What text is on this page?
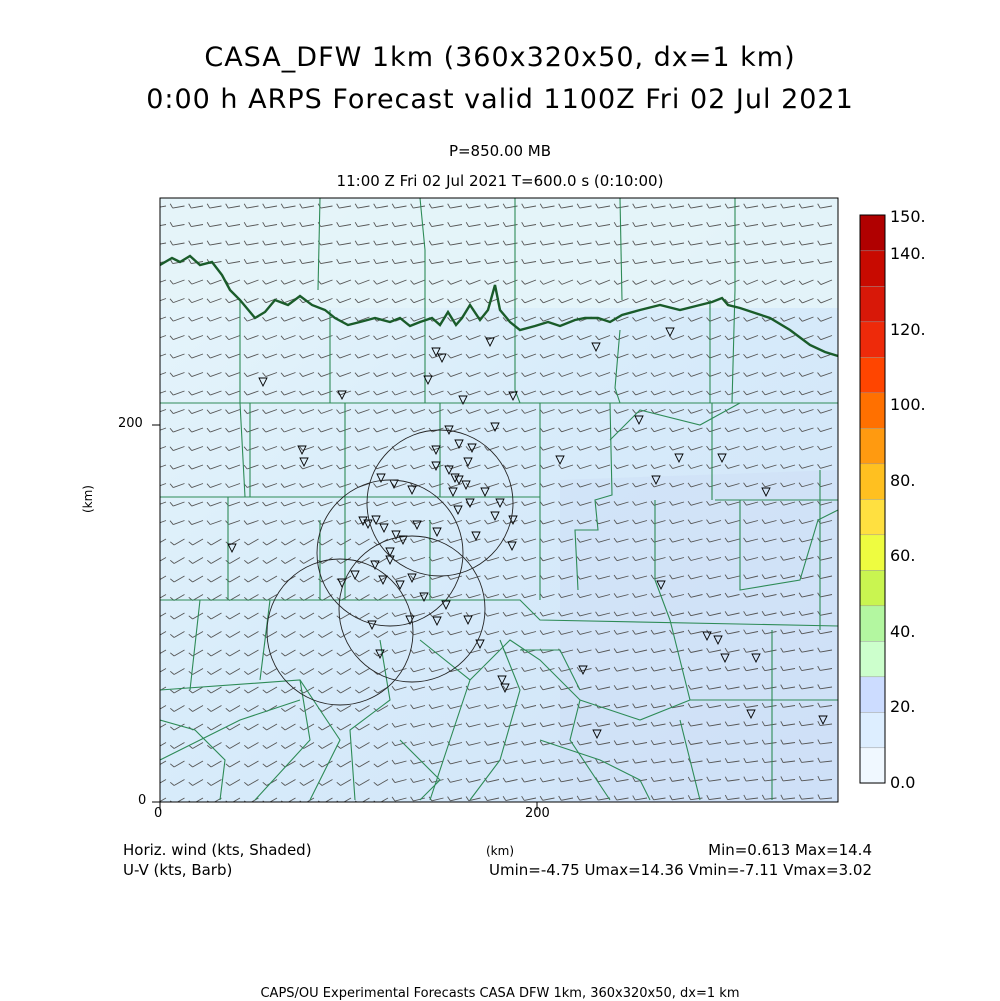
CASA_DFW 1km (360x320x50, dx=1 km)
0:00 h ARPS Forecast valid 1100Z Fri 02 Jul 2021
P=850.00 MB
11:00 Z Fri 02 Jul 2021 T=600.0 s (0:10:00)
0	200
0
200
(km)
(km)
150.
140.
120.
100.
80.
60.
40.
20.
0.0
Horiz. wind (kts, Shaded)
U-V (kts, Barb)
Min=0.613 Max=14.4
Umin=-4.75 Umax=14.36 Vmin=-7.11 Vmax=3.02
CAPS/OU Experimental Forecasts CASA DFW 1km, 360x320x50, dx=1 km
